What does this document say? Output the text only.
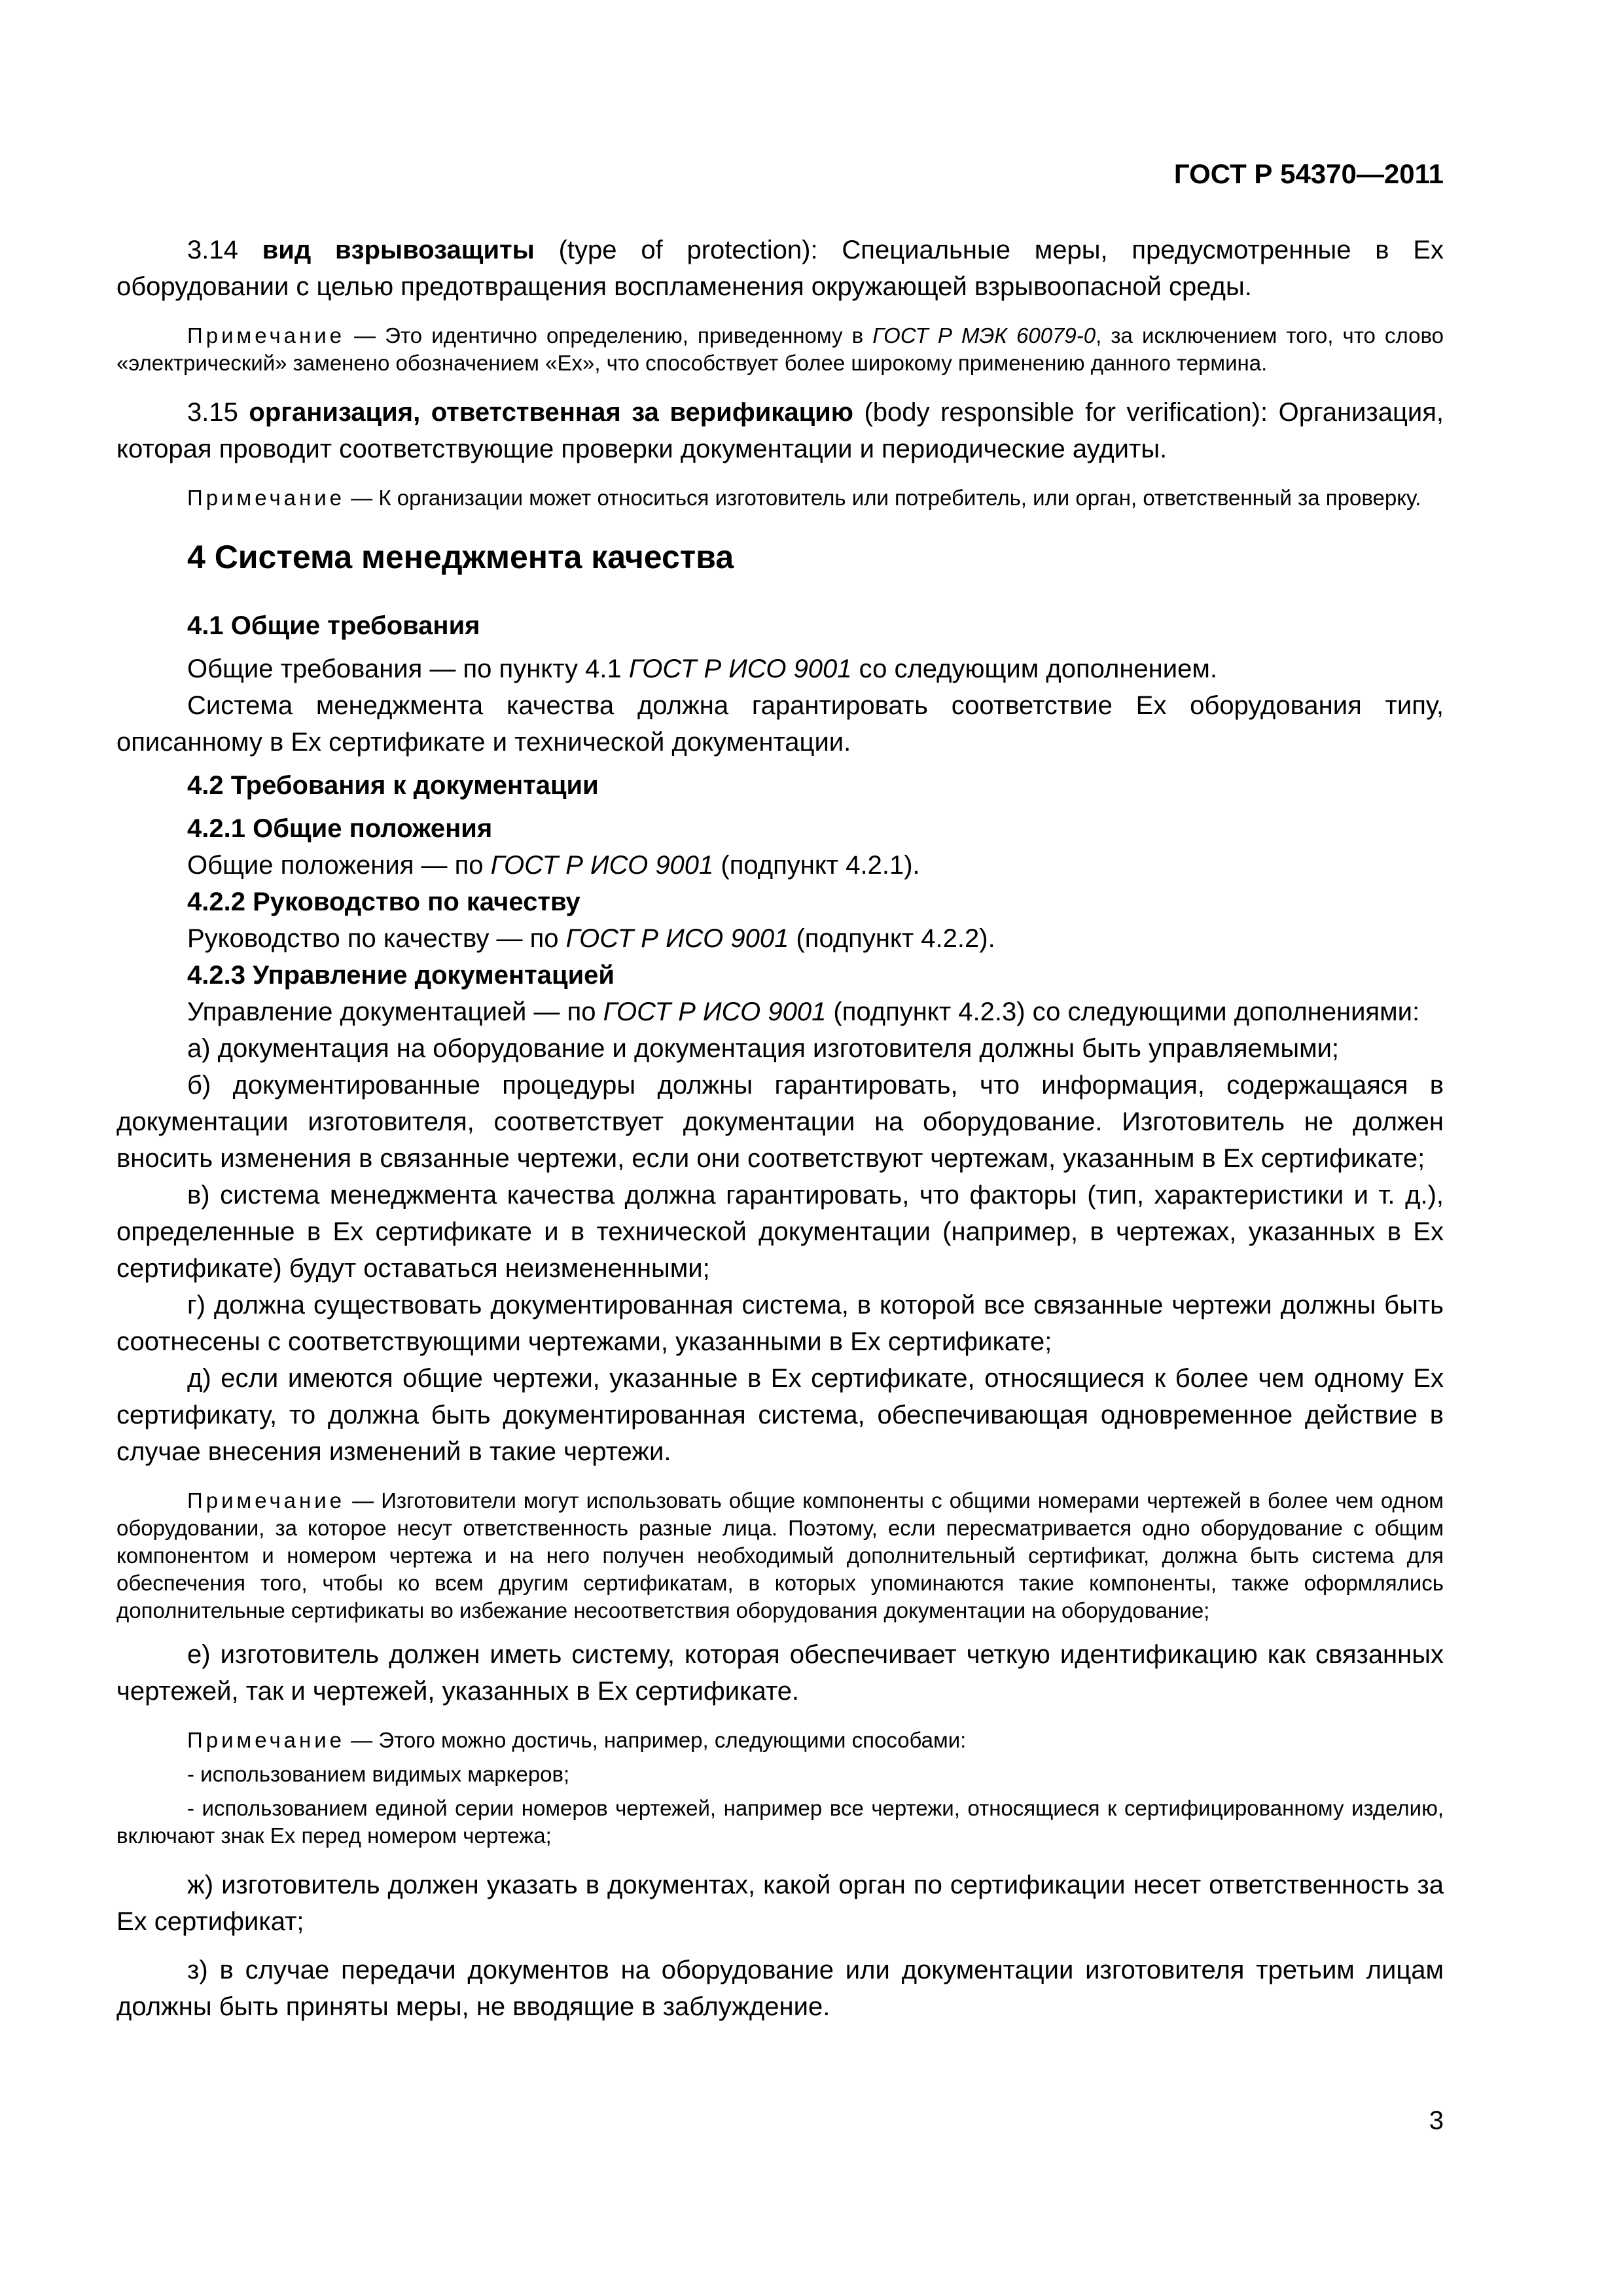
ГОСТ Р 54370—2011

3.14 вид взрывозащиты (type of protection): Специальные меры, предусмотренные в Ex оборудовании с целью предотвращения воспламенения окружающей взрывоопасной среды.

Примечание — Это идентично определению, приведенному в ГОСТ Р МЭК 60079-0, за исключением того, что слово «электрический» заменено обозначением «Ех», что способствует более широкому применению данного термина.

3.15 организация, ответственная за верификацию (body responsible for verification): Организация, которая проводит соответствующие проверки документации и периодические аудиты.

Примечание — К организации может относиться изготовитель или потребитель, или орган, ответственный за проверку.

4 Система менеджмента качества
4.1 Общие требования

Общие требования — по пункту 4.1 ГОСТ Р ИСО 9001 со следующим дополнением.

Система менеджмента качества должна гарантировать соответствие Ех оборудования типу, описанному в Ех сертификате и технической документации.

4.2 Требования к документации
4.2.1 Общие положения

Общие положения — по ГОСТ Р ИСО 9001 (подпункт 4.2.1).

4.2.2 Руководство по качеству

Руководство по качеству — по ГОСТ Р ИСО 9001 (подпункт 4.2.2).

4.2.3 Управление документацией

Управление документацией — по ГОСТ Р ИСО 9001 (подпункт 4.2.3) со следующими дополнениями:

а) документация на оборудование и документация изготовителя должны быть управляемыми;

б) документированные процедуры должны гарантировать, что информация, содержащаяся в документации изготовителя, соответствует документации на оборудование. Изготовитель не должен вносить изменения в связанные чертежи, если они соответствуют чертежам, указанным в Ех сертификате;

в) система менеджмента качества должна гарантировать, что факторы (тип, характеристики и т. д.), определенные в Ех сертификате и в технической документации (например, в чертежах, указанных в Ех сертификате) будут оставаться неизмененными;

г) должна существовать документированная система, в которой все связанные чертежи должны быть соотнесены с соответствующими чертежами, указанными в Ех сертификате;

д) если имеются общие чертежи, указанные в Ех сертификате, относящиеся к более чем одному Ех сертификату, то должна быть документированная система, обеспечивающая одновременное действие в случае внесения изменений в такие чертежи.

Примечание — Изготовители могут использовать общие компоненты с общими номерами чертежей в более чем одном оборудовании, за которое несут ответственность разные лица. Поэтому, если пересматривается одно оборудование с общим компонентом и номером чертежа и на него получен необходимый дополнительный сертификат, должна быть система для обеспечения того, чтобы ко всем другим сертификатам, в которых упоминаются такие компоненты, также оформлялись дополнительные сертификаты во избежание несоответствия оборудования документации на оборудование;

е) изготовитель должен иметь систему, которая обеспечивает четкую идентификацию как связанных чертежей, так и чертежей, указанных в Ех сертификате.

Примечание — Этого можно достичь, например, следующими способами:

- использованием видимых маркеров;

- использованием единой серии номеров чертежей, например все чертежи, относящиеся к сертифицированному изделию, включают знак Ех перед номером чертежа;

ж) изготовитель должен указать в документах, какой орган по сертификации несет ответственность за Ех сертификат;

з) в случае передачи документов на оборудование или документации изготовителя третьим лицам должны быть приняты меры, не вводящие в заблуждение.

3
